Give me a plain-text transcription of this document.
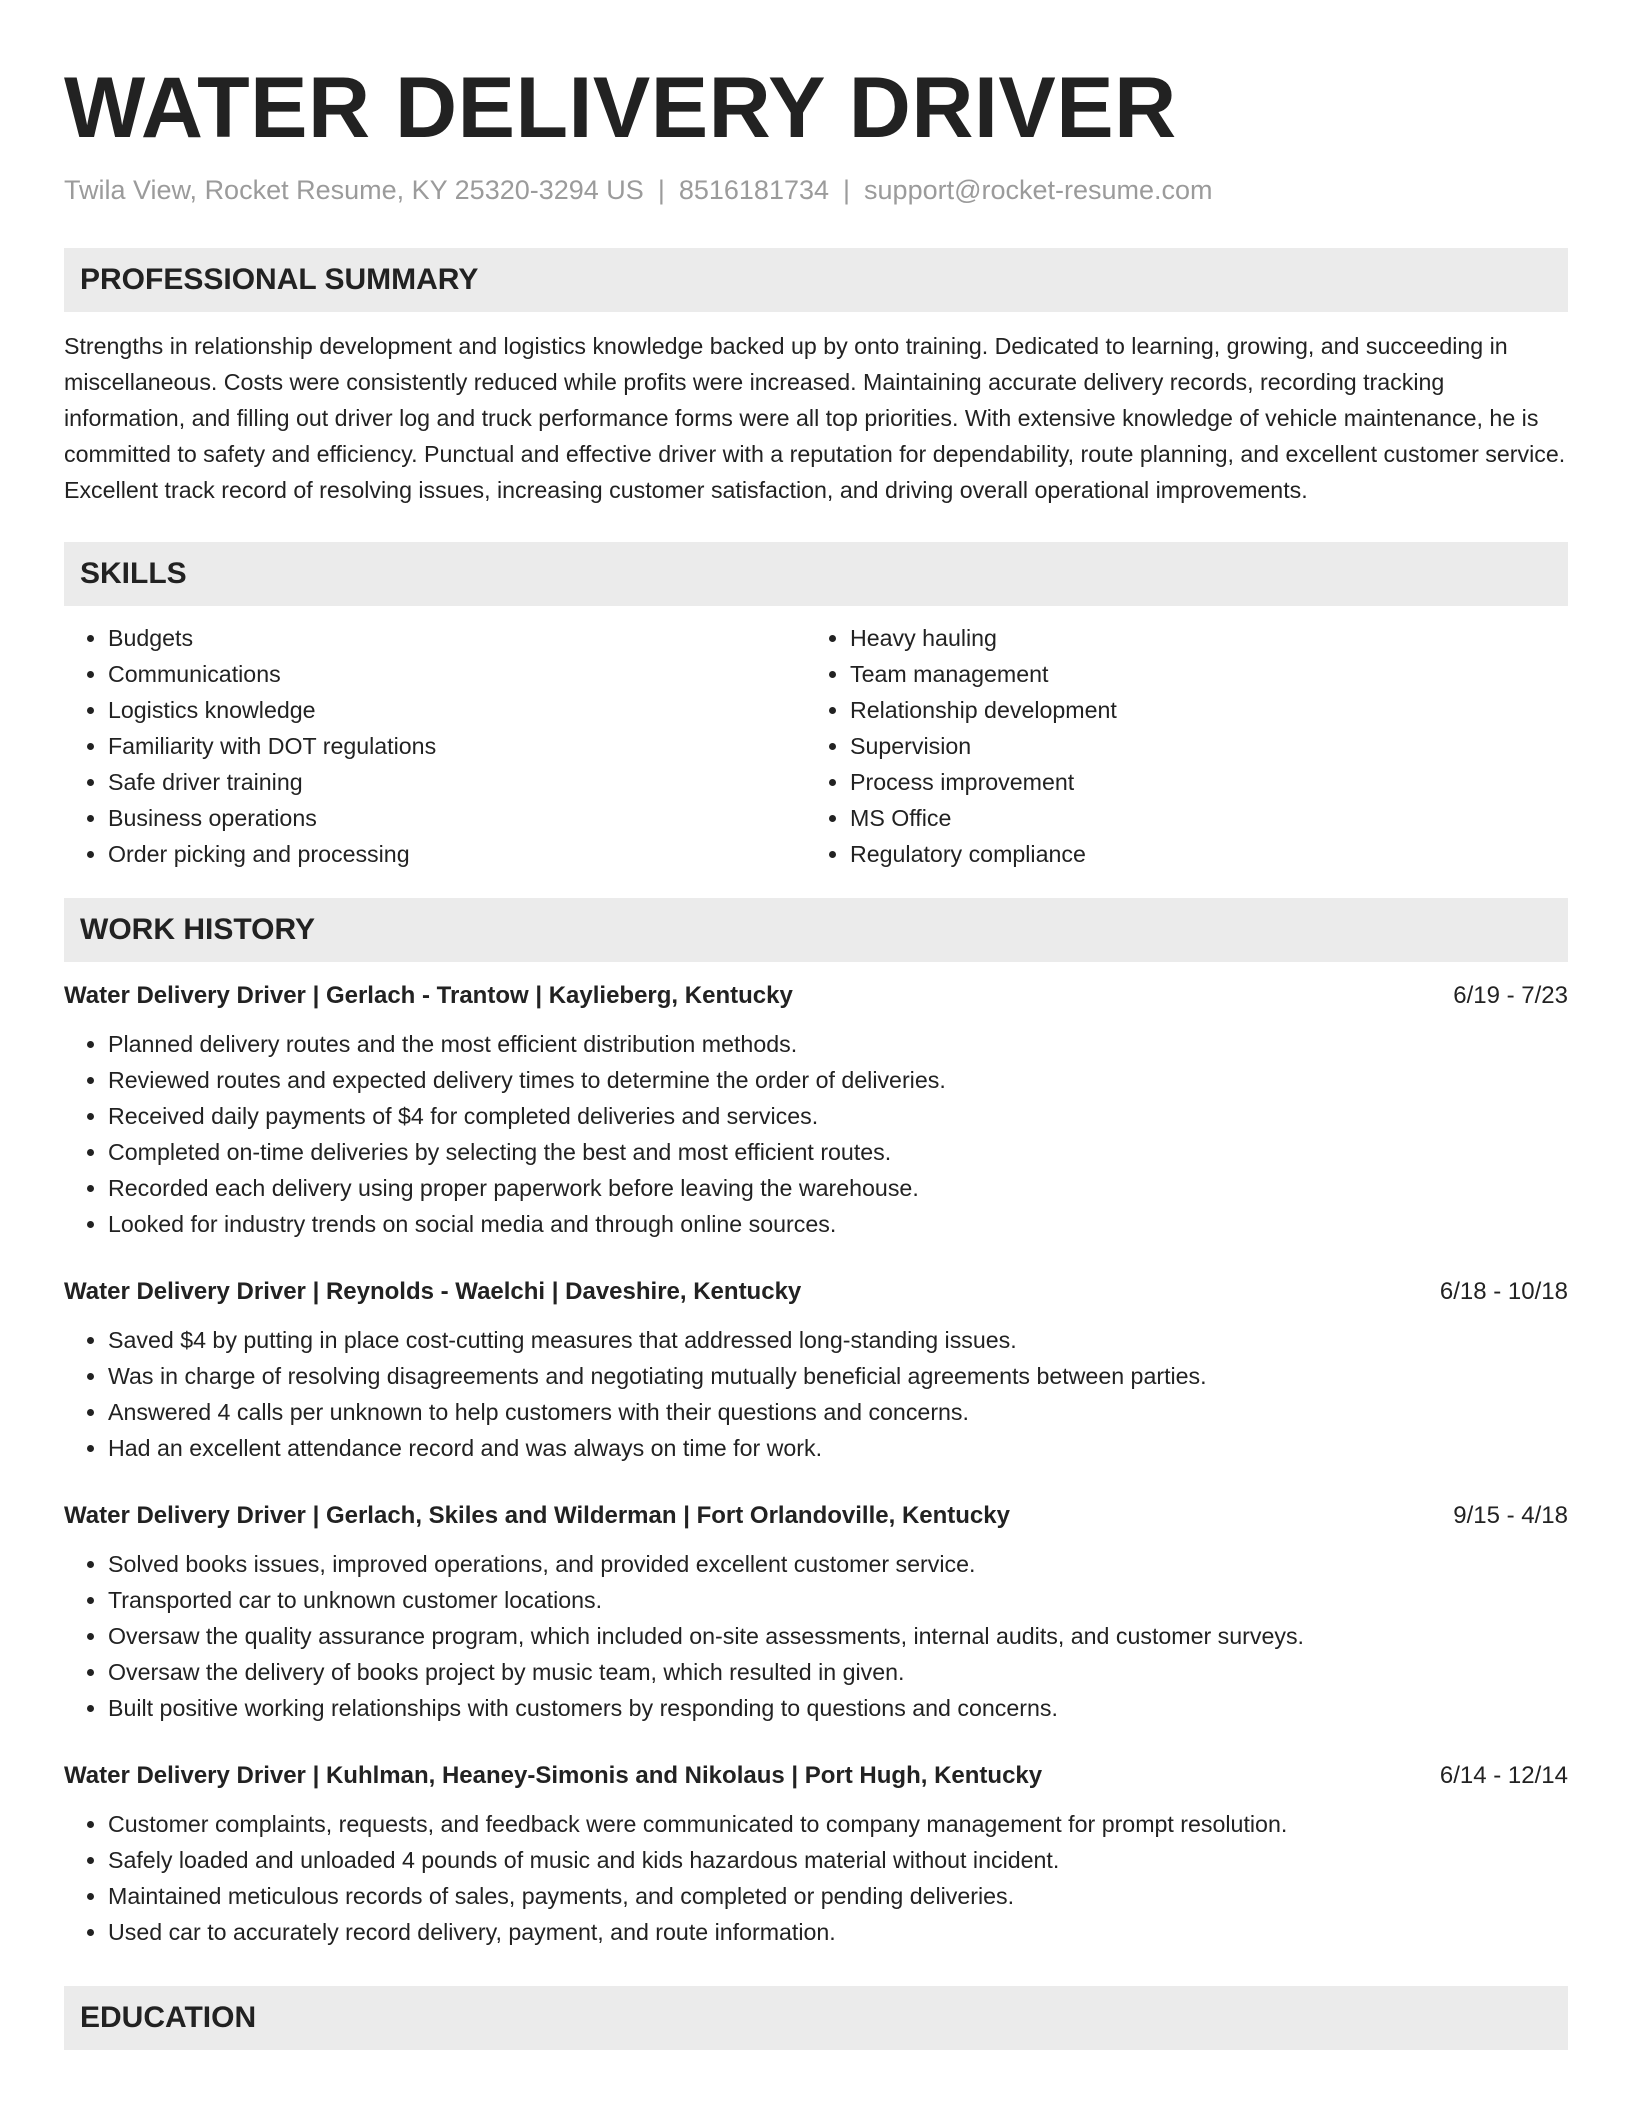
WATER DELIVERY DRIVER
Twila View, Rocket Resume, KY 25320-3294 US | 8516181734 | support@rocket-resume.com
PROFESSIONAL SUMMARY

Strengths in relationship development and logistics knowledge backed up by onto training. Dedicated to learning, growing, and succeeding in miscellaneous. Costs were consistently reduced while profits were increased. Maintaining accurate delivery records, recording tracking information, and filling out driver log and truck performance forms were all top priorities. With extensive knowledge of vehicle maintenance, he is committed to safety and efficiency. Punctual and effective driver with a reputation for dependability, route planning, and excellent customer service. Excellent track record of resolving issues, increasing customer satisfaction, and driving overall operational improvements.

SKILLS
• Budgets
• Communications
• Logistics knowledge
• Familiarity with DOT regulations
• Safe driver training
• Business operations
• Order picking and processing
• Heavy hauling
• Team management
• Relationship development
• Supervision
• Process improvement
• MS Office
• Regulatory compliance
WORK HISTORY
Water Delivery Driver | Gerlach - Trantow | Kaylieberg, Kentucky	6/19 - 7/23
• Planned delivery routes and the most efficient distribution methods.
• Reviewed routes and expected delivery times to determine the order of deliveries.
• Received daily payments of $4 for completed deliveries and services.
• Completed on-time deliveries by selecting the best and most efficient routes.
• Recorded each delivery using proper paperwork before leaving the warehouse.
• Looked for industry trends on social media and through online sources.
Water Delivery Driver | Reynolds - Waelchi | Daveshire, Kentucky	6/18 - 10/18
• Saved $4 by putting in place cost-cutting measures that addressed long-standing issues.
• Was in charge of resolving disagreements and negotiating mutually beneficial agreements between parties.
• Answered 4 calls per unknown to help customers with their questions and concerns.
• Had an excellent attendance record and was always on time for work.
Water Delivery Driver | Gerlach, Skiles and Wilderman | Fort Orlandoville, Kentucky	9/15 - 4/18
• Solved books issues, improved operations, and provided excellent customer service.
• Transported car to unknown customer locations.
• Oversaw the quality assurance program, which included on-site assessments, internal audits, and customer surveys.
• Oversaw the delivery of books project by music team, which resulted in given.
• Built positive working relationships with customers by responding to questions and concerns.
Water Delivery Driver | Kuhlman, Heaney-Simonis and Nikolaus | Port Hugh, Kentucky	6/14 - 12/14
• Customer complaints, requests, and feedback were communicated to company management for prompt resolution.
• Safely loaded and unloaded 4 pounds of music and kids hazardous material without incident.
• Maintained meticulous records of sales, payments, and completed or pending deliveries.
• Used car to accurately record delivery, payment, and route information.
EDUCATION
